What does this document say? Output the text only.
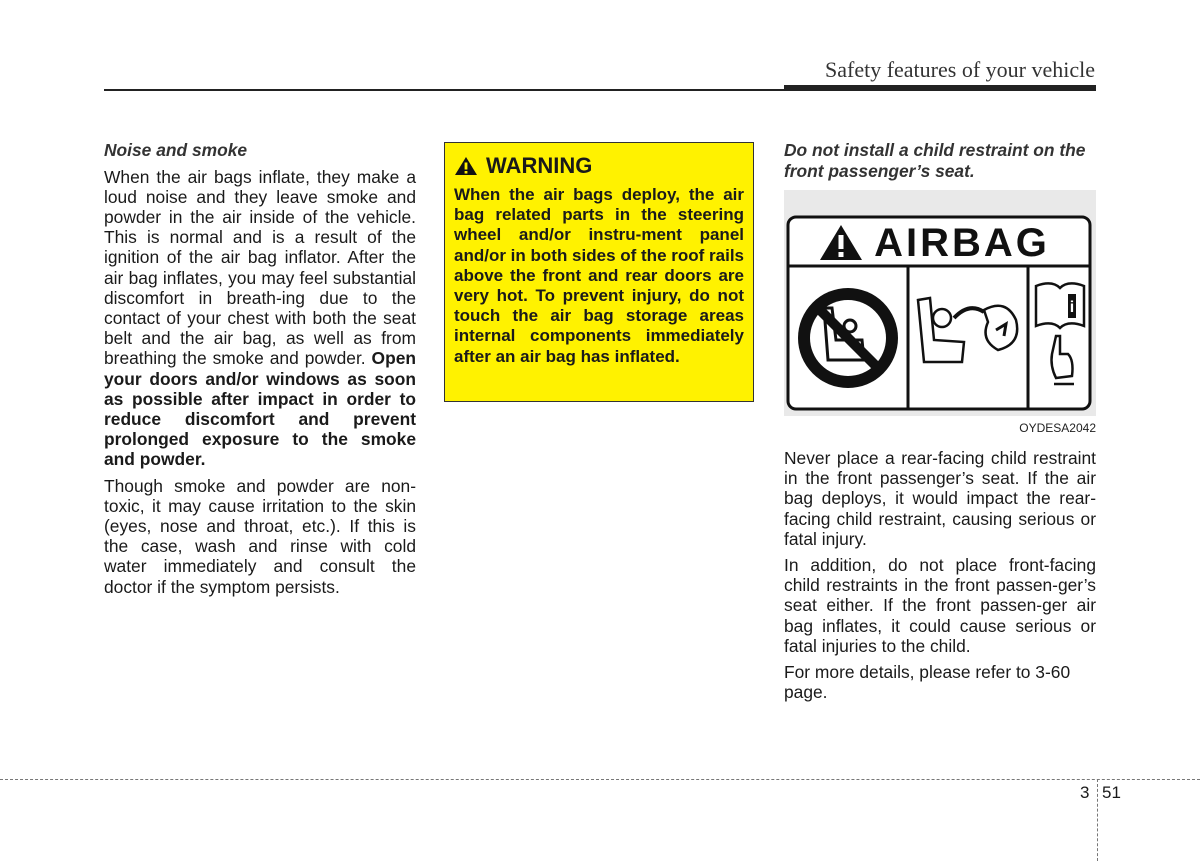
Safety features of your vehicle
Noise and smoke

When the air bags inflate, they make a loud noise and they leave smoke and powder in the air inside of the vehicle. This is normal and is a result of the ignition of the air bag inflator. After the air bag inflates, you may feel substantial discomfort in breath-ing due to the contact of your chest with both the seat belt and the air bag, as well as from breathing the smoke and powder. Open your doors and/or windows as soon as possible after impact in order to reduce discomfort and prevent prolonged exposure to the smoke and powder.

Though smoke and powder are non-toxic, it may cause irritation to the skin (eyes, nose and throat, etc.). If this is the case, wash and rinse with cold water immediately and consult the doctor if the symptom persists.

WARNING
When the air bags deploy, the air bag related parts in the steering wheel and/or instru-ment panel and/or in both sides of the roof rails above the front and rear doors are very hot. To prevent injury, do not touch the air bag storage areas internal components immediately after an air bag has inflated.
Do not install a child restraint on the front passenger’s seat.
AIRBAG
i
OYDESA2042

Never place a rear-facing child restraint in the front passenger’s seat. If the air bag deploys, it would impact the rear-facing child restraint, causing serious or fatal injury.

In addition, do not place front-facing child restraints in the front passen-ger’s seat either. If the front passen-ger air bag inflates, it could cause serious or fatal injuries to the child.

For more details, please refer to 3-60 page.

3 51
